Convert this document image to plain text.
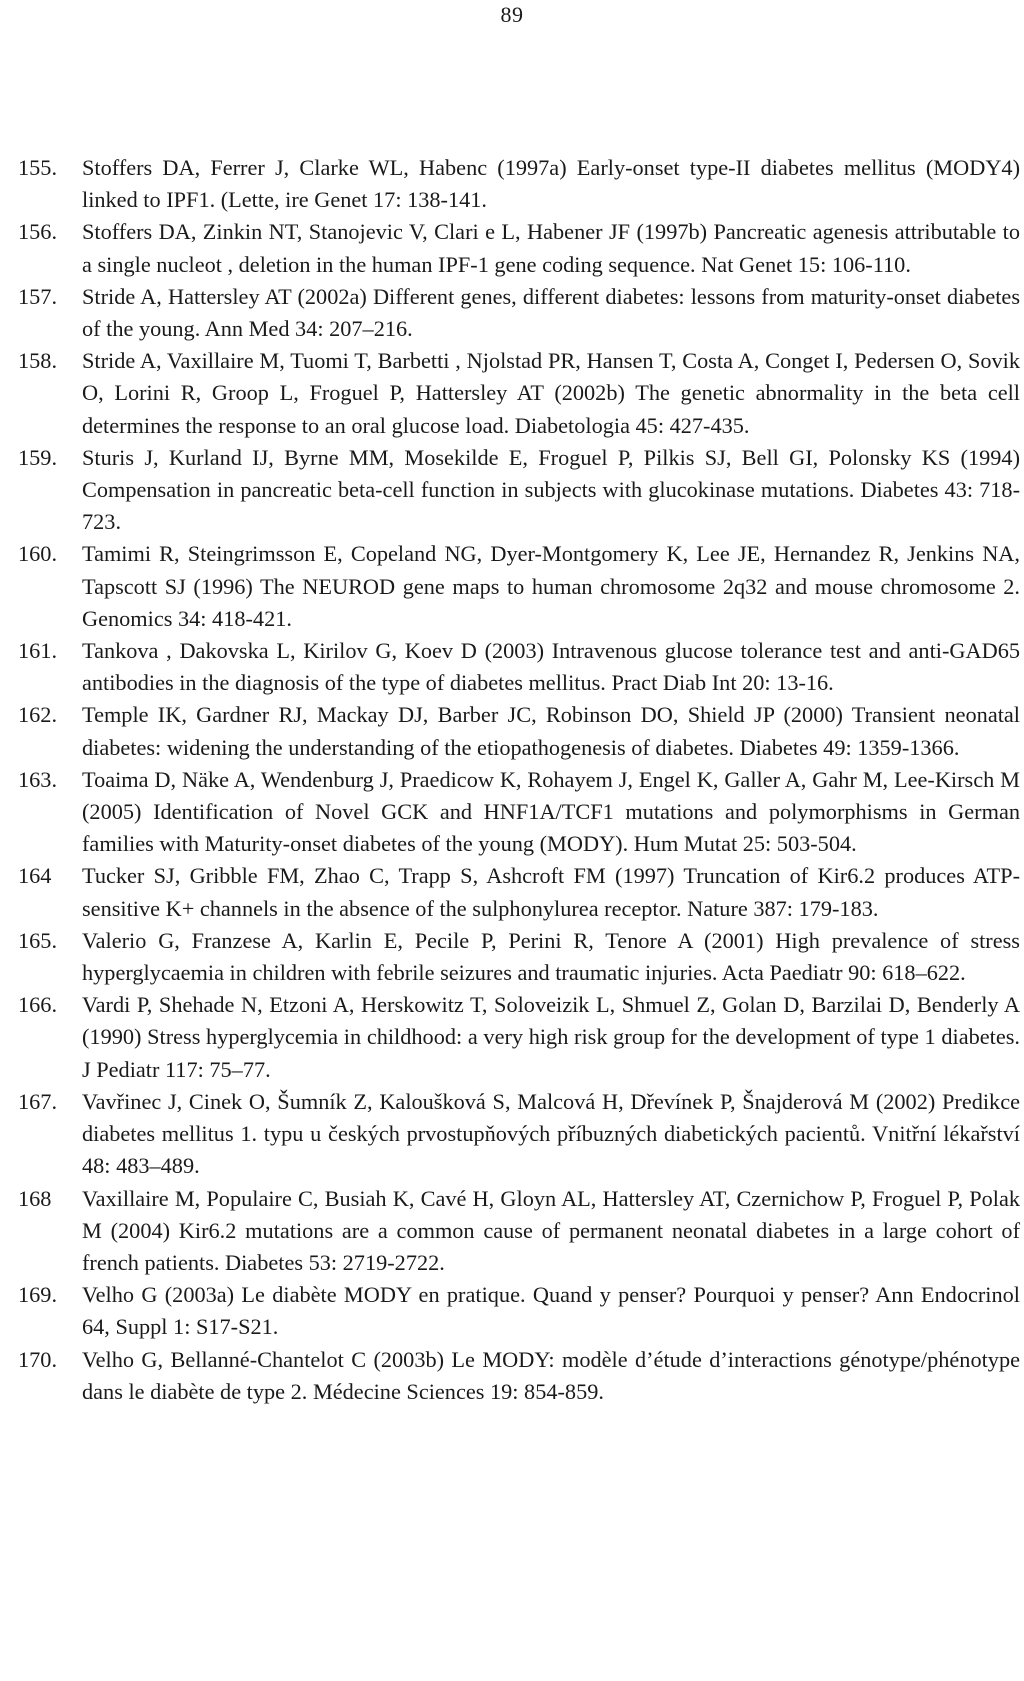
89
155.	Stoffers DA, Ferrer J, Clarke WL, Habenc (1997a) Early-onset type-II diabetes mellitus (MODY4) linked to IPF1. (Lette, ire Genet 17: 138-141.
156.	Stoffers DA, Zinkin NT, Stanojevic V, Clari e L, Habener JF (1997b) Pancreatic agenesis attributable to a single nucleot , deletion in the human IPF-1 gene coding sequence. Nat Genet 15: 106-110.
157.	Stride A, Hattersley AT (2002a) Different genes, different diabetes: lessons from maturity-onset diabetes of the young. Ann Med 34: 207–216.
158.	Stride A, Vaxillaire M, Tuomi T, Barbetti , Njolstad PR, Hansen T, Costa A, Conget I, Pedersen O, Sovik O, Lorini R, Groop L, Froguel P, Hattersley AT (2002b) The genetic abnormality in the beta cell determines the response to an oral glucose load. Diabetologia 45: 427-435.
159.	Sturis J, Kurland IJ, Byrne MM, Mosekilde E, Froguel P, Pilkis SJ, Bell GI, Polonsky KS (1994) Compensation in pancreatic beta-cell function in subjects with glucokinase mutations. Diabetes 43: 718-723.
160.	Tamimi R, Steingrimsson E, Copeland NG, Dyer-Montgomery K, Lee JE, Hernandez R, Jenkins NA, Tapscott SJ (1996) The NEUROD gene maps to human chromosome 2q32 and mouse chromosome 2. Genomics 34: 418-421.
161.	Tankova , Dakovska L, Kirilov G, Koev D (2003) Intravenous glucose tolerance test and anti-GAD65 antibodies in the diagnosis of the type of diabetes mellitus. Pract Diab Int 20: 13-16.
162.	Temple IK, Gardner RJ, Mackay DJ, Barber JC, Robinson DO, Shield JP (2000) Transient neonatal diabetes: widening the understanding of the etiopathogenesis of diabetes. Diabetes 49: 1359-1366.
163.	Toaima D, Näke A, Wendenburg J, Praedicow K, Rohayem J, Engel K, Galler A, Gahr M, Lee-Kirsch M (2005) Identification of Novel GCK and HNF1A/TCF1 mutations and polymorphisms in German families with Maturity-onset diabetes of the young (MODY). Hum Mutat 25: 503-504.
164	Tucker SJ, Gribble FM, Zhao C, Trapp S, Ashcroft FM (1997) Truncation of Kir6.2 produces ATP-sensitive K+ channels in the absence of the sulphonylurea receptor. Nature 387: 179-183.
165.	Valerio G, Franzese A, Karlin E, Pecile P, Perini R, Tenore A (2001) High prevalence of stress hyperglycaemia in children with febrile seizures and traumatic injuries. Acta Paediatr 90: 618–622.
166.	Vardi P, Shehade N, Etzoni A, Herskowitz T, Soloveizik L, Shmuel Z, Golan D, Barzilai D, Benderly A (1990) Stress hyperglycemia in childhood: a very high risk group for the development of type 1 diabetes. J Pediatr 117: 75–77.
167.	Vavřinec J, Cinek O, Šumník Z, Kaloušková S, Malcová H, Dřevínek P, Šnajderová M (2002) Predikce diabetes mellitus 1. typu u českých prvostupňových příbuzných diabetických pacientů. Vnitřní lékařství 48: 483–489.
168	Vaxillaire M, Populaire C, Busiah K, Cavé H, Gloyn AL, Hattersley AT, Czernichow P, Froguel P, Polak M (2004) Kir6.2 mutations are a common cause of permanent neonatal diabetes in a large cohort of french patients. Diabetes 53: 2719-2722.
169.	Velho G (2003a) Le diabète MODY en pratique. Quand y penser? Pourquoi y penser? Ann Endocrinol 64, Suppl 1: S17-S21.
170.	Velho G, Bellanné-Chantelot C (2003b) Le MODY: modèle d’étude d’interactions génotype/phénotype dans le diabète de type 2. Médecine Sciences 19: 854-859.
